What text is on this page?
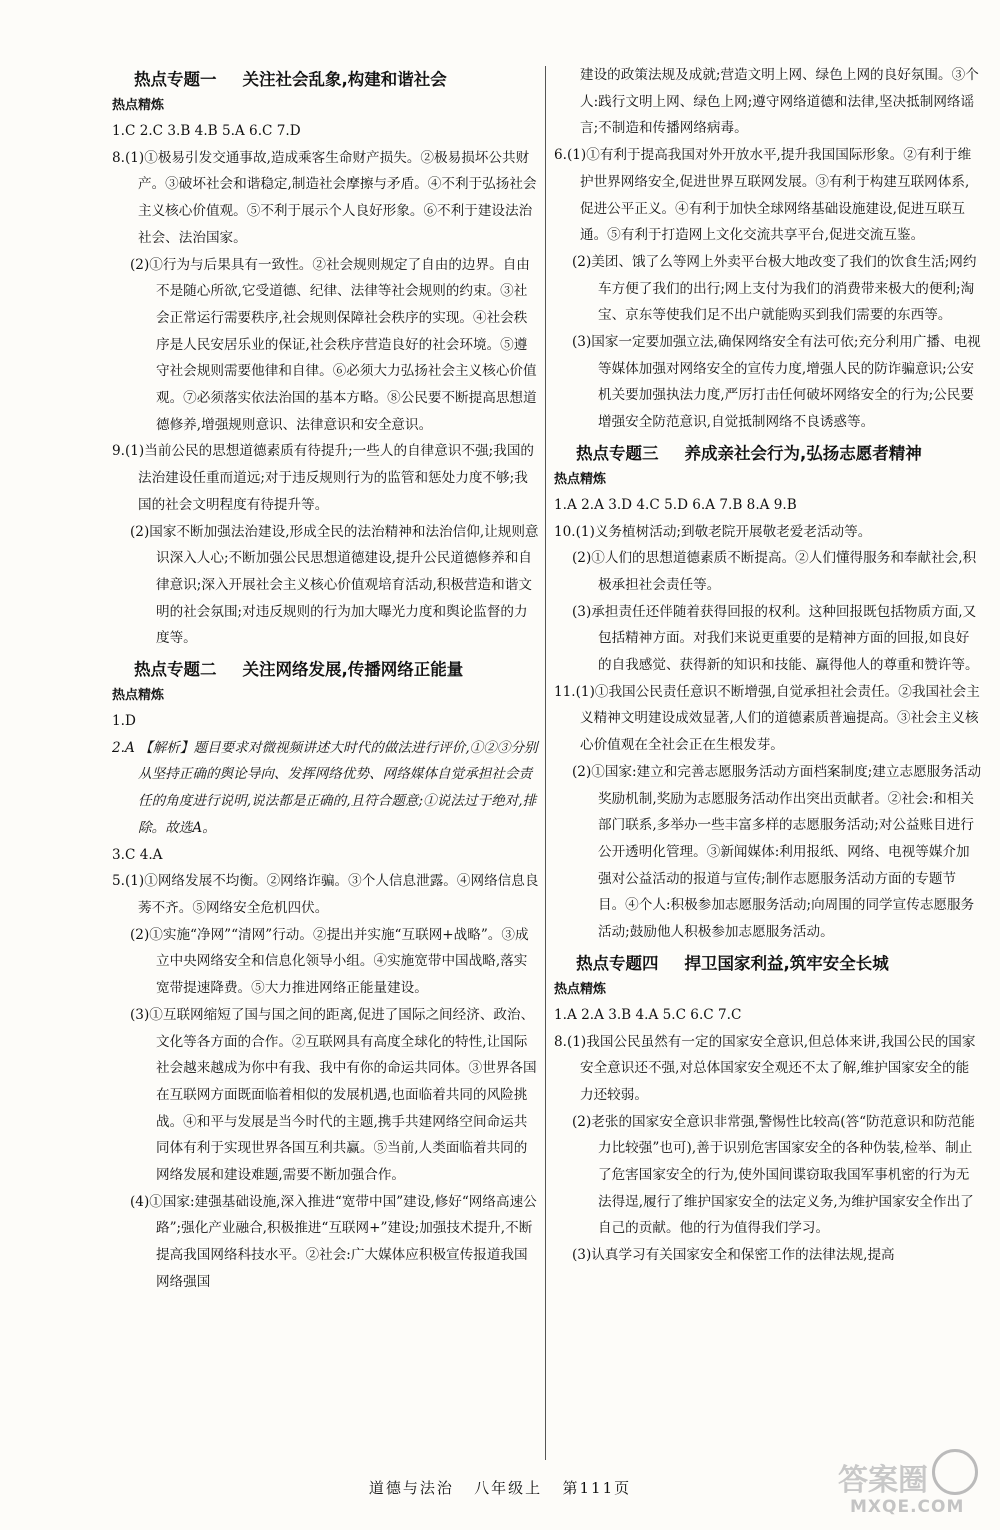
热点专题一 关注社会乱象,构建和谐社会
热点精炼

1.C 2.C 3.B 4.B 5.A 6.C 7.D

8.(1)①极易引发交通事故,造成乘客生命财产损失。②极易损坏公共财产。③破坏社会和谐稳定,制造社会摩擦与矛盾。④不利于弘扬社会主义核心价值观。⑤不利于展示个人良好形象。⑥不利于建设法治社会、法治国家。

(2)①行为与后果具有一致性。②社会规则规定了自由的边界。自由不是随心所欲,它受道德、纪律、法律等社会规则的约束。③社会正常运行需要秩序,社会规则保障社会秩序的实现。④社会秩序是人民安居乐业的保证,社会秩序营造良好的社会环境。⑤遵守社会规则需要他律和自律。⑥必须大力弘扬社会主义核心价值观。⑦必须落实依法治国的基本方略。⑧公民要不断提高思想道德修养,增强规则意识、法律意识和安全意识。

9.(1)当前公民的思想道德素质有待提升;一些人的自律意识不强;我国的法治建设任重而道远;对于违反规则行为的监管和惩处力度不够;我国的社会文明程度有待提升等。

(2)国家不断加强法治建设,形成全民的法治精神和法治信仰,让规则意识深入人心;不断加强公民思想道德建设,提升公民道德修养和自律意识;深入开展社会主义核心价值观培育活动,积极营造和谐文明的社会氛围;对违反规则的行为加大曝光力度和舆论监督的力度等。

热点专题二 关注网络发展,传播网络正能量
热点精炼

1.D

2.A 【解析】题目要求对微视频讲述大时代的做法进行评价,①②③分别从坚持正确的舆论导向、发挥网络优势、网络媒体自觉承担社会责任的角度进行说明,说法都是正确的,且符合题意;①说法过于绝对,排除。故选A。

3.C 4.A

5.(1)①网络发展不均衡。②网络诈骗。③个人信息泄露。④网络信息良莠不齐。⑤网络安全危机四伏。

(2)①实施“净网”“清网”行动。②提出并实施“互联网+战略”。③成立中央网络安全和信息化领导小组。④实施宽带中国战略,落实宽带提速降费。⑤大力推进网络正能量建设。

(3)①互联网缩短了国与国之间的距离,促进了国际之间经济、政治、文化等各方面的合作。②互联网具有高度全球化的特性,让国际社会越来越成为你中有我、我中有你的命运共同体。③世界各国在互联网方面既面临着相似的发展机遇,也面临着共同的风险挑战。④和平与发展是当今时代的主题,携手共建网络空间命运共同体有利于实现世界各国互利共赢。⑤当前,人类面临着共同的网络发展和建设难题,需要不断加强合作。

(4)①国家:建强基础设施,深入推进“宽带中国”建设,修好“网络高速公路”;强化产业融合,积极推进“互联网+”建设;加强技术提升,不断提高我国网络科技水平。②社会:广大媒体应积极宣传报道我国网络强国

建设的政策法规及成就;营造文明上网、绿色上网的良好氛围。③个人:践行文明上网、绿色上网;遵守网络道德和法律,坚决抵制网络谣言;不制造和传播网络病毒。

6.(1)①有利于提高我国对外开放水平,提升我国国际形象。②有利于维护世界网络安全,促进世界互联网发展。③有利于构建互联网体系,促进公平正义。④有利于加快全球网络基础设施建设,促进互联互通。⑤有利于打造网上文化交流共享平台,促进交流互鉴。

(2)美团、饿了么等网上外卖平台极大地改变了我们的饮食生活;网约车方便了我们的出行;网上支付为我们的消费带来极大的便利;淘宝、京东等使我们足不出户就能购买到我们需要的东西等。

(3)国家一定要加强立法,确保网络安全有法可依;充分利用广播、电视等媒体加强对网络安全的宣传力度,增强人民的防诈骗意识;公安机关要加强执法力度,严厉打击任何破坏网络安全的行为;公民要增强安全防范意识,自觉抵制网络不良诱惑等。

热点专题三 养成亲社会行为,弘扬志愿者精神
热点精炼

1.A 2.A 3.D 4.C 5.D 6.A 7.B 8.A 9.B

10.(1)义务植树活动;到敬老院开展敬老爱老活动等。

(2)①人们的思想道德素质不断提高。②人们懂得服务和奉献社会,积极承担社会责任等。

(3)承担责任还伴随着获得回报的权利。这种回报既包括物质方面,又包括精神方面。对我们来说更重要的是精神方面的回报,如良好的自我感觉、获得新的知识和技能、赢得他人的尊重和赞许等。

11.(1)①我国公民责任意识不断增强,自觉承担社会责任。②我国社会主义精神文明建设成效显著,人们的道德素质普遍提高。③社会主义核心价值观在全社会正在生根发芽。

(2)①国家:建立和完善志愿服务活动方面档案制度;建立志愿服务活动奖励机制,奖励为志愿服务活动作出突出贡献者。②社会:和相关部门联系,多举办一些丰富多样的志愿服务活动;对公益账目进行公开透明化管理。③新闻媒体:利用报纸、网络、电视等媒介加强对公益活动的报道与宣传;制作志愿服务活动方面的专题节目。④个人:积极参加志愿服务活动;向周围的同学宣传志愿服务活动;鼓励他人积极参加志愿服务活动。

热点专题四 捍卫国家利益,筑牢安全长城
热点精炼

1.A 2.A 3.B 4.A 5.C 6.C 7.C

8.(1)我国公民虽然有一定的国家安全意识,但总体来讲,我国公民的国家安全意识还不强,对总体国家安全观还不太了解,维护国家安全的能力还较弱。

(2)老张的国家安全意识非常强,警惕性比较高(答“防范意识和防范能力比较强”也可),善于识别危害国家安全的各种伪装,检举、制止了危害国家安全的行为,使外国间谍窃取我国军事机密的行为无法得逞,履行了维护国家安全的法定义务,为维护国家安全作出了自己的贡献。他的行为值得我们学习。

(3)认真学习有关国家安全和保密工作的法律法规,提高

道德与法治 八年级上 第111页	答案圈
MXQE.COM
